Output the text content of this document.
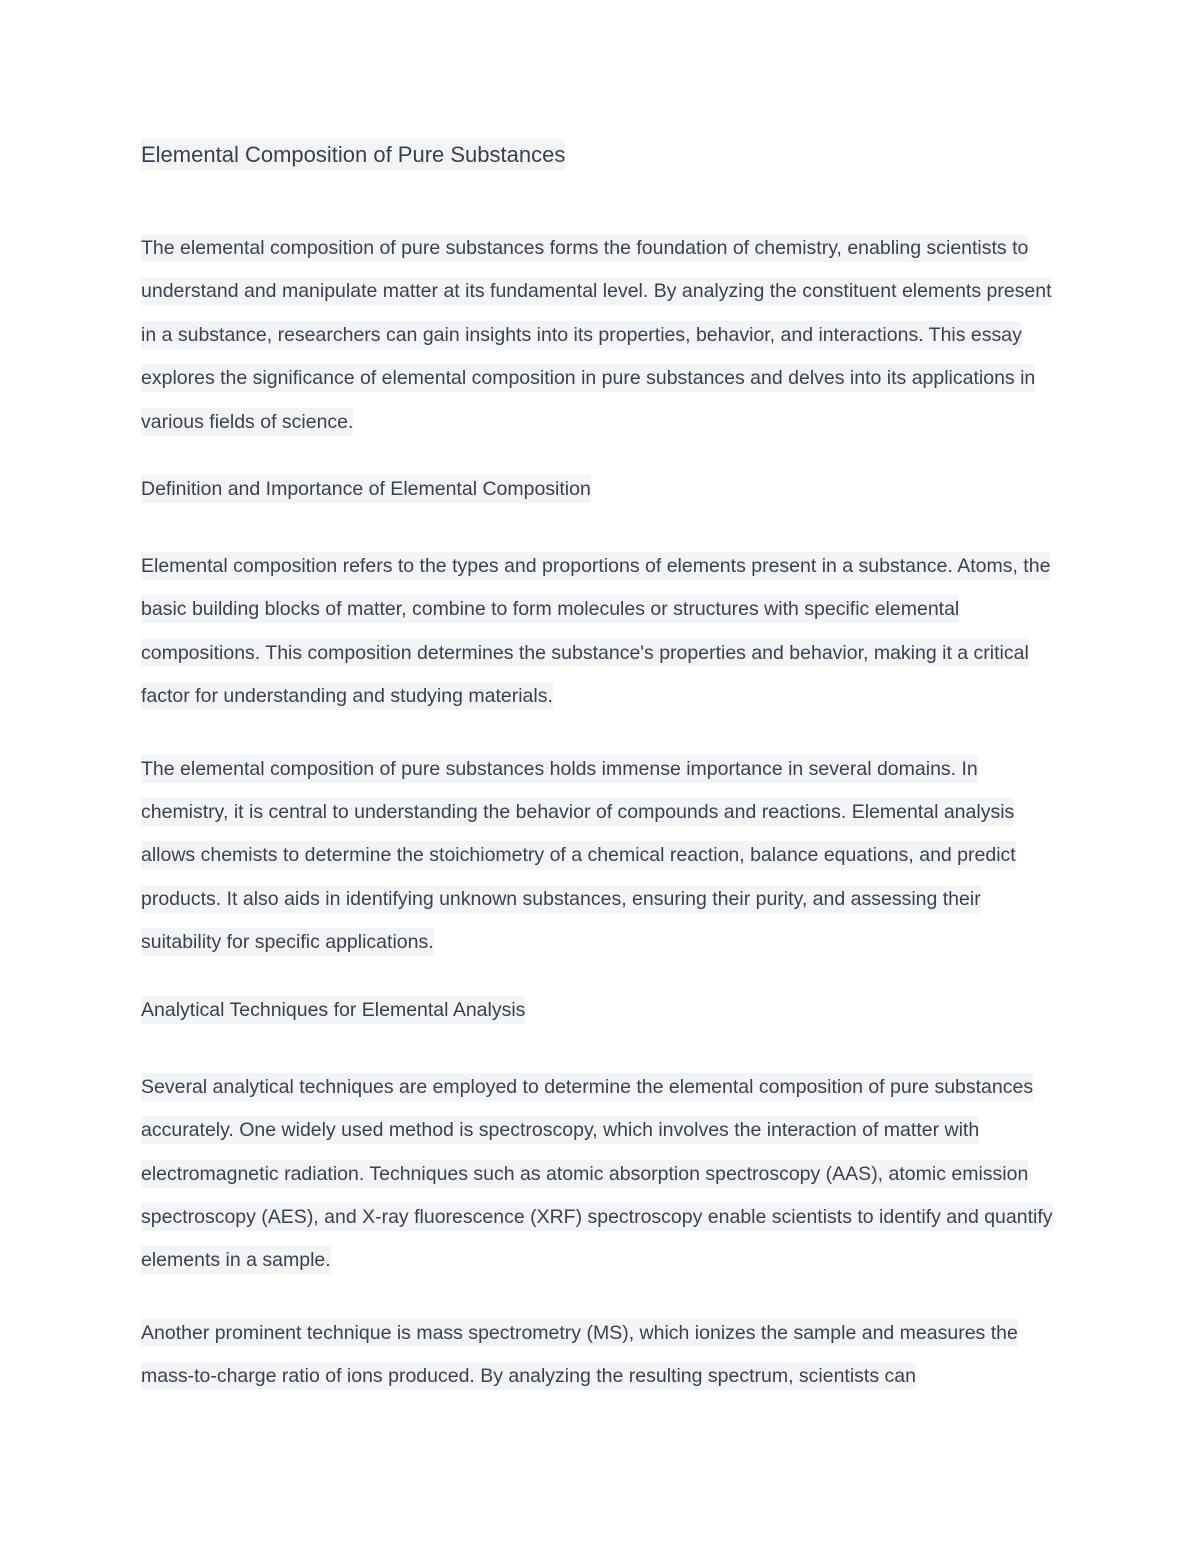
Elemental Composition of Pure Substances

The elemental composition of pure substances forms the foundation of chemistry, enabling scientists to understand and manipulate matter at its fundamental level. By analyzing the constituent elements present in a substance, researchers can gain insights into its properties, behavior, and interactions. This essay explores the significance of elemental composition in pure substances and delves into its applications in various fields of science.

Definition and Importance of Elemental Composition

Elemental composition refers to the types and proportions of elements present in a substance. Atoms, the basic building blocks of matter, combine to form molecules or structures with specific elemental compositions. This composition determines the substance's properties and behavior, making it a critical factor for understanding and studying materials.

The elemental composition of pure substances holds immense importance in several domains. In chemistry, it is central to understanding the behavior of compounds and reactions. Elemental analysis allows chemists to determine the stoichiometry of a chemical reaction, balance equations, and predict products. It also aids in identifying unknown substances, ensuring their purity, and assessing their suitability for specific applications.

Analytical Techniques for Elemental Analysis

Several analytical techniques are employed to determine the elemental composition of pure substances accurately. One widely used method is spectroscopy, which involves the interaction of matter with electromagnetic radiation. Techniques such as atomic absorption spectroscopy (AAS), atomic emission spectroscopy (AES), and X-ray fluorescence (XRF) spectroscopy enable scientists to identify and quantify elements in a sample.

Another prominent technique is mass spectrometry (MS), which ionizes the sample and measures the mass-to-charge ratio of ions produced. By analyzing the resulting spectrum, scientists can
